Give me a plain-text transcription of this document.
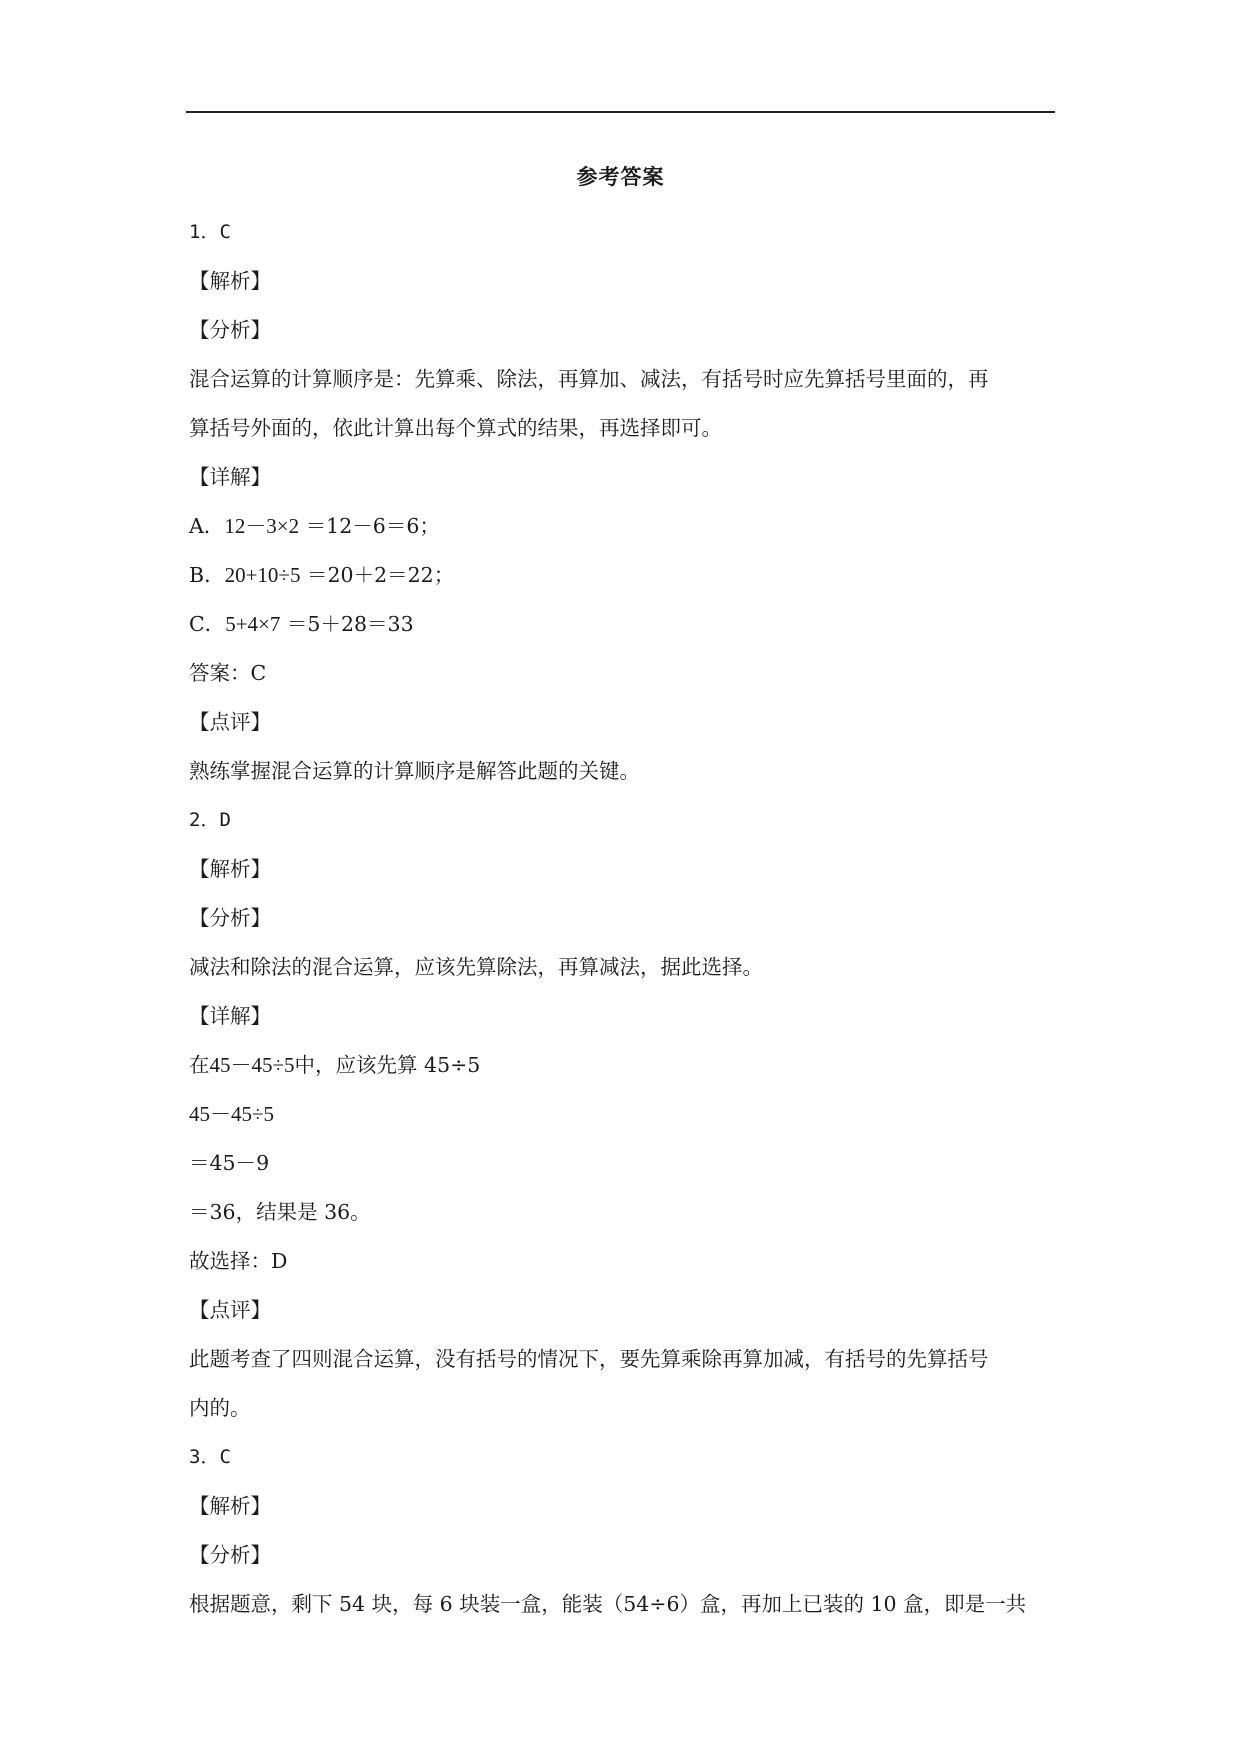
参考答案
1．C
【解析】
【分析】
混合运算的计算顺序是：先算乘、除法，再算加、减法，有括号时应先算括号里面的，再
算括号外面的，依此计算出每个算式的结果，再选择即可。
【详解】
A．12－3×2 ＝12－6＝6；
B．20+10÷5 ＝20＋2＝22；
C．5+4×7 ＝5＋28＝33
答案：C
【点评】
熟练掌握混合运算的计算顺序是解答此题的关键。
2．D
【解析】
【分析】
减法和除法的混合运算，应该先算除法，再算减法，据此选择。
【详解】
在45－45÷5中，应该先算 45÷5
45－45÷5
＝45－9
＝36，结果是 36。
故选择：D
【点评】
此题考查了四则混合运算，没有括号的情况下，要先算乘除再算加减，有括号的先算括号
内的。
3．C
【解析】
【分析】
根据题意，剩下 54 块，每 6 块装一盒，能装（54÷6）盒，再加上已装的 10 盒，即是一共
